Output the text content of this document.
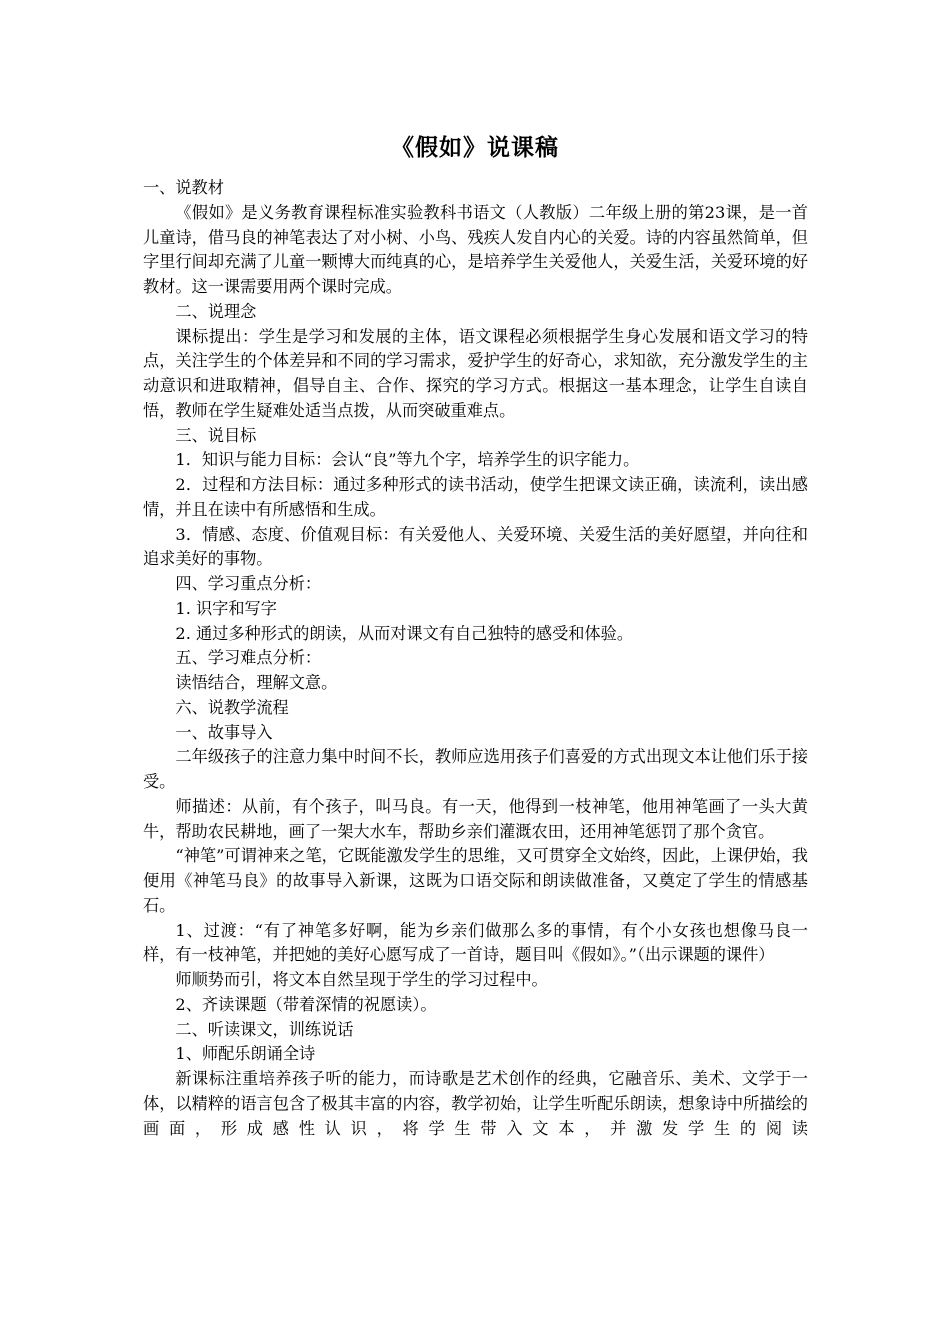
《假如》说课稿

一、说教材

《假如》是义务教育课程标准实验教科书语文（人教版）二年级上册的第23课，是一首儿童诗，借马良的神笔表达了对小树、小鸟、残疾人发自内心的关爱。诗的内容虽然简单，但字里行间却充满了儿童一颗博大而纯真的心，是培养学生关爱他人，关爱生活，关爱环境的好教材。这一课需要用两个课时完成。

二、说理念

课标提出：学生是学习和发展的主体，语文课程必须根据学生身心发展和语文学习的特点，关注学生的个体差异和不同的学习需求，爱护学生的好奇心，求知欲，充分激发学生的主动意识和进取精神，倡导自主、合作、探究的学习方式。根据这一基本理念，让学生自读自悟，教师在学生疑难处适当点拨，从而突破重难点。

三、说目标

1．知识与能力目标：会认“良”等九个字，培养学生的识字能力。

2．过程和方法目标：通过多种形式的读书活动，使学生把课文读正确，读流利，读出感情，并且在读中有所感悟和生成。

3．情感、态度、价值观目标：有关爱他人、关爱环境、关爱生活的美好愿望，并向往和追求美好的事物。

四、学习重点分析：

1. 识字和写字

2. 通过多种形式的朗读，从而对课文有自己独特的感受和体验。

五、学习难点分析：

读悟结合，理解文意。

六、说教学流程

一、故事导入

二年级孩子的注意力集中时间不长，教师应选用孩子们喜爱的方式出现文本让他们乐于接受。

师描述：从前，有个孩子，叫马良。有一天，他得到一枝神笔，他用神笔画了一头大黄牛，帮助农民耕地，画了一架大水车，帮助乡亲们灌溉农田，还用神笔惩罚了那个贪官。

“神笔”可谓神来之笔，它既能激发学生的思维，又可贯穿全文始终，因此，上课伊始，我便用《神笔马良》的故事导入新课，这既为口语交际和朗读做准备，又奠定了学生的情感基石。

1、过渡：“有了神笔多好啊，能为乡亲们做那么多的事情，有个小女孩也想像马良一样，有一枝神笔，并把她的美好心愿写成了一首诗，题目叫《假如》。”（出示课题的课件）

师顺势而引，将文本自然呈现于学生的学习过程中。

2、齐读课题（带着深情的祝愿读）。

二、听读课文，训练说话

1、师配乐朗诵全诗

新课标注重培养孩子听的能力，而诗歌是艺术创作的经典，它融音乐、美术、文学于一体，以精粹的语言包含了极其丰富的内容，教学初始，让学生听配乐朗读，想象诗中所描绘的画面，形成感性认识，将学生带入文本，并激发学生的阅读
